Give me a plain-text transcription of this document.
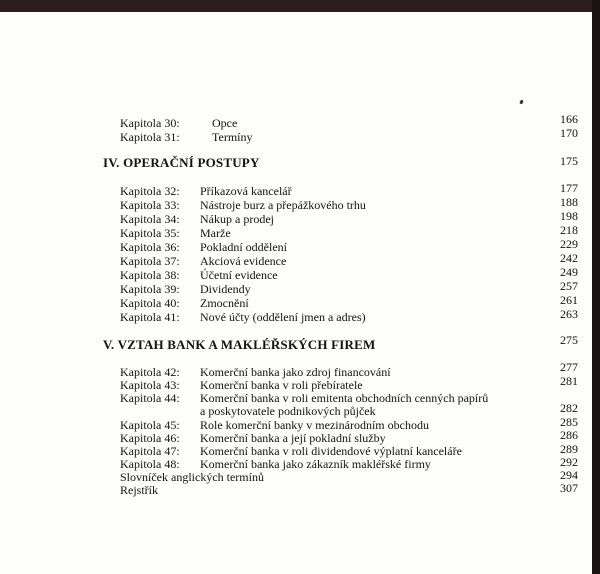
Kapitola 30:	Opce	166
Kapitola 31:	Termíny	170
IV. OPERAČNÍ POSTUPY	175
Kapitola 32: Příkazová kancelář	177
Kapitola 33: Nástroje burz a přepážkového trhu	188
Kapitola 34: Nákup a prodej	198
Kapitola 35: Marže	218
Kapitola 36: Pokladní oddělení	229
Kapitola 37: Akciová evidence	242
Kapitola 38: Účetní evidence	249
Kapitola 39: Dividendy	257
Kapitola 40: Zmocnění	261
Kapitola 41: Nové účty (oddělení jmen a adres)	263
V. VZTAH BANK A MAKLÉŘSKÝCH FIREM	275
Kapitola 42: Komerční banka jako zdroj financování	277
Kapitola 43: Komerční banka v roli přebíratele	281
Kapitola 44: Komerční banka v roli emitenta obchodních cenných papírů
a poskytovatele podnikových půjček	282
Kapitola 45: Role komerční banky v mezinárodním obchodu	285
Kapitola 46: Komerční banka a její pokladní služby	286
Kapitola 47: Komerční banka v roli dividendové výplatní kanceláře	289
Kapitola 48: Komerční banka jako zákazník makléřské firmy	292
Slovníček anglických termínů	294
Rejstřík	307
